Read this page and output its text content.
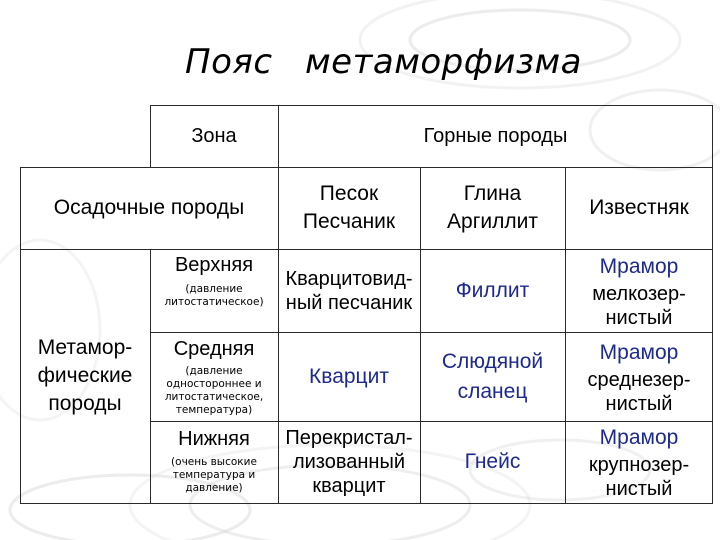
Пояс метаморфизма
Зона	Горные породы
Осадочные породы
Песок
Песчаник
Глина
Аргиллит
Известняк
Метамор-
фические
породы
Верхняя
(давление
литостатическое)
Кварцитовид-
ный песчаник
Филлит
Мрамор
мелкозер-
нистый
Средняя
(давление
одностороннее и
литостатическое,
температура)
Кварцит
Слюдяной
сланец
Мрамор
среднезер-
нистый
Нижняя
(очень высокие
температура и
давление)
Перекристал-
лизованный
кварцит
Гнейс
Мрамор
крупнозер-
нистый
